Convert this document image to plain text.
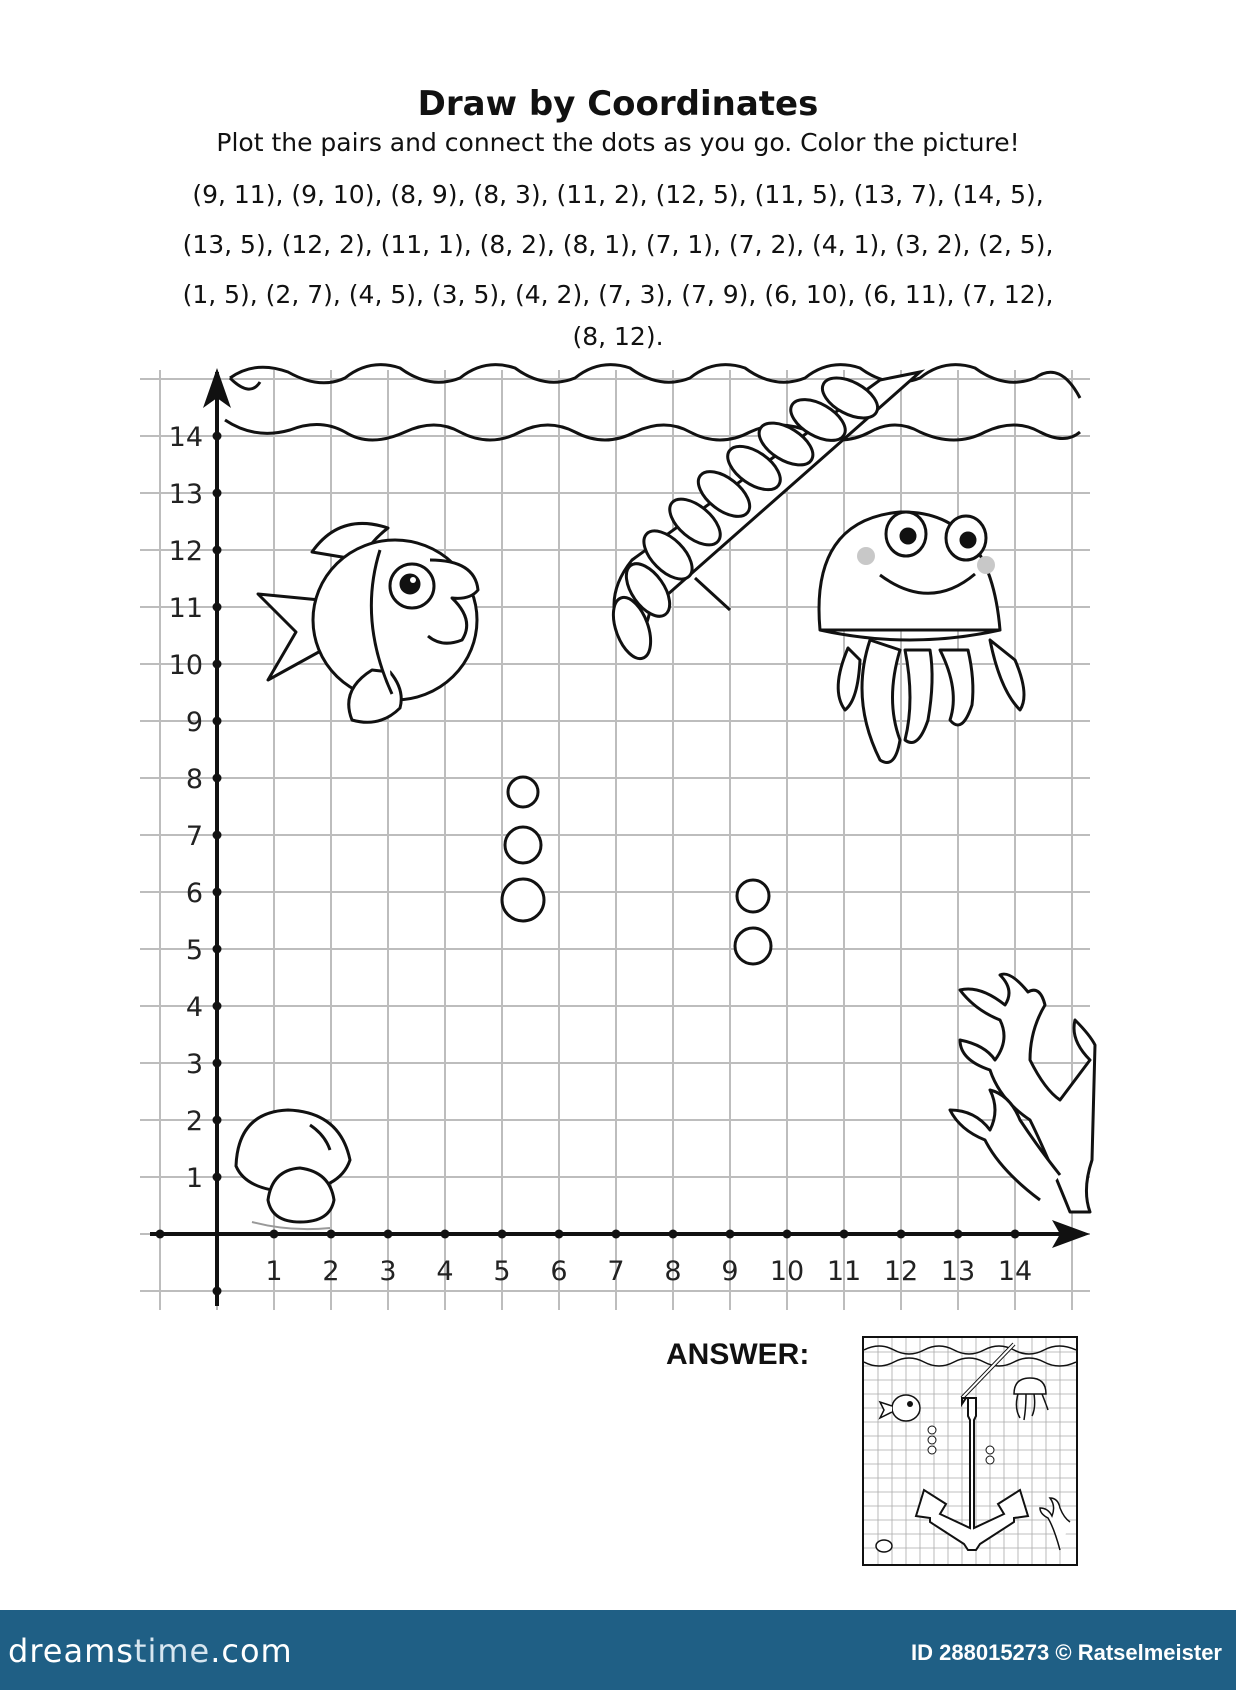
Draw by Coordinates
Plot the pairs and connect the dots as you go. Color the picture!
(9, 11), (9, 10), (8, 9), (8, 3), (11, 2), (12, 5), (11, 5), (13, 7), (14, 5),
(13, 5), (12, 2), (11, 1), (8, 2), (8, 1), (7, 1), (7, 2), (4, 1), (3, 2), (2, 5),
(1, 5), (2, 7), (4, 5), (3, 5), (4, 2), (7, 3), (7, 9), (6, 10), (6, 11), (7, 12),
(8, 12).
1 2 3 4 5 6 7 8 9 10 11 12 13 14
1
2
3
4
5
6
7
8
9
10
11
12
13
14
ANSWER:
dreamstime.com	ID 288015273 © Ratselmeister
